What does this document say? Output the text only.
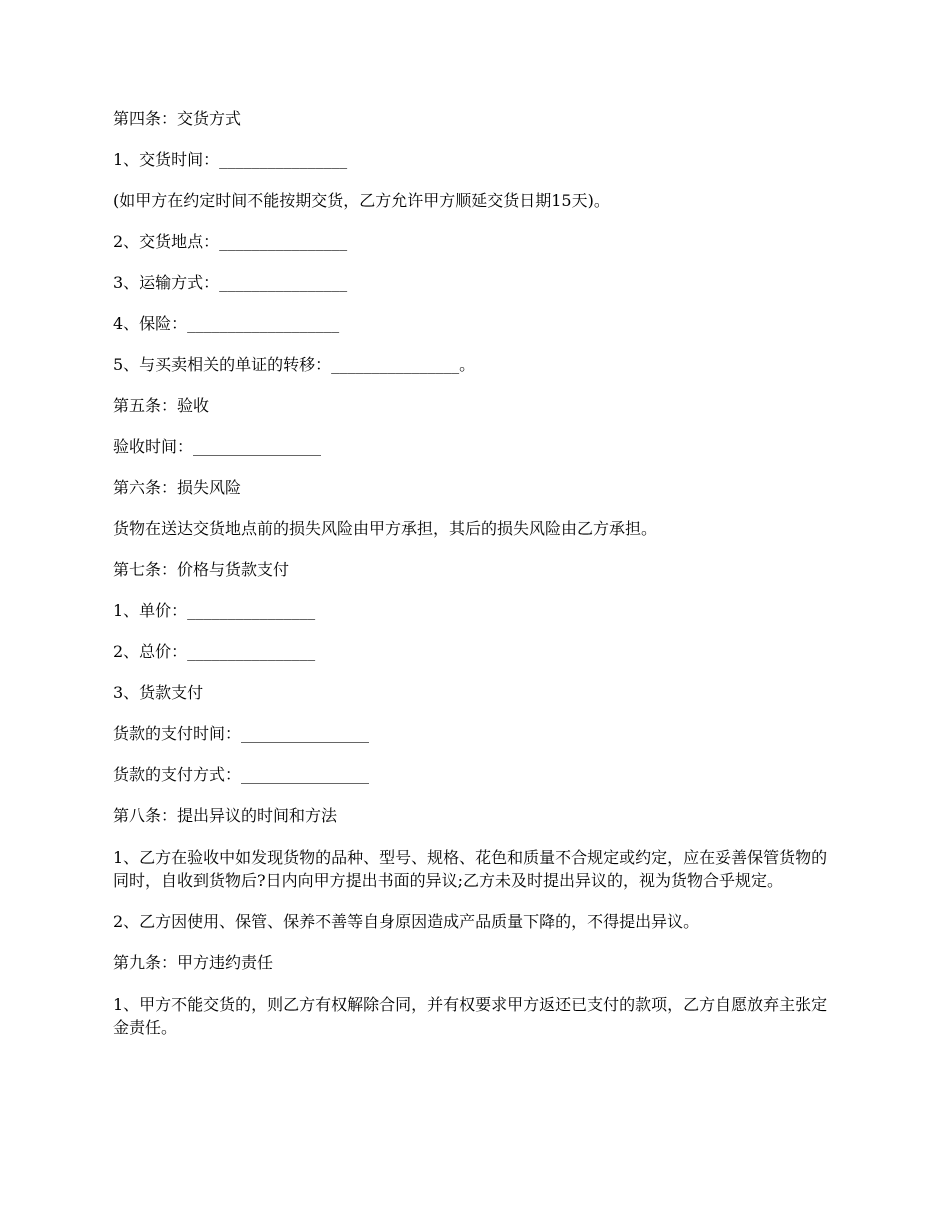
第四条：交货方式

1、交货时间：________________

(如甲方在约定时间不能按期交货，乙方允许甲方顺延交货日期15天)。

2、交货地点：________________

3、运输方式：________________

4、保险：___________________

5、与买卖相关的单证的转移：________________。

第五条：验收

验收时间：________________

第六条：损失风险

货物在送达交货地点前的损失风险由甲方承担，其后的损失风险由乙方承担。

第七条：价格与货款支付

1、单价：________________

2、总价：________________

3、货款支付

货款的支付时间：________________

货款的支付方式：________________

第八条：提出异议的时间和方法

1、乙方在验收中如发现货物的品种、型号、规格、花色和质量不合规定或约定，应在妥善保管货物的同时，自收到货物后?日内向甲方提出书面的异议;乙方未及时提出异议的，视为货物合乎规定。

2、乙方因使用、保管、保养不善等自身原因造成产品质量下降的，不得提出异议。

第九条：甲方违约责任

1、甲方不能交货的，则乙方有权解除合同，并有权要求甲方返还已支付的款项，乙方自愿放弃主张定金责任。
